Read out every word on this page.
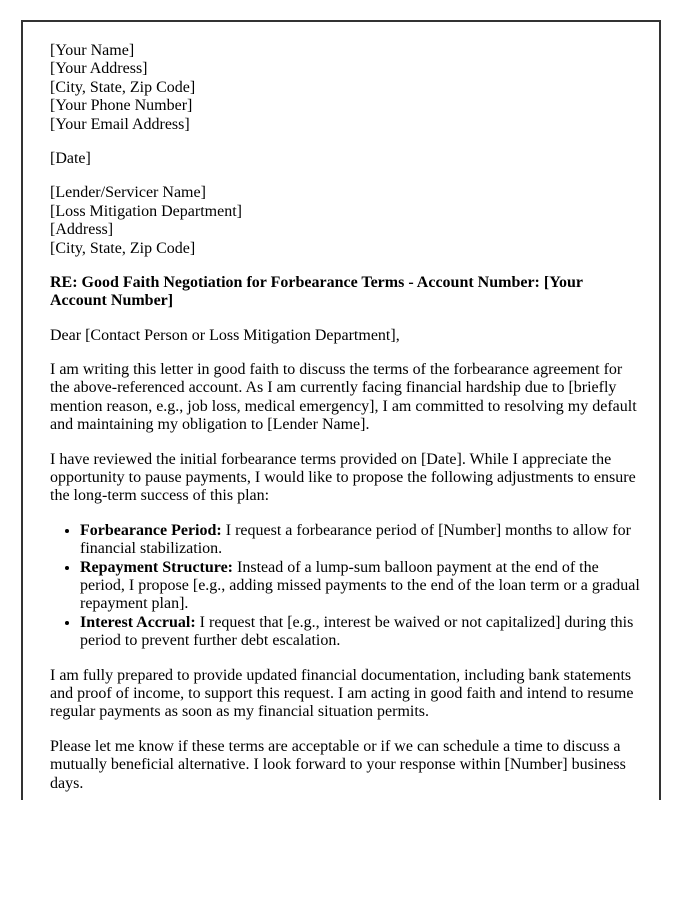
[Your Name]
[Your Address]
[City, State, Zip Code]
[Your Phone Number]
[Your Email Address]

[Date]

[Lender/Servicer Name]
[Loss Mitigation Department]
[Address]
[City, State, Zip Code]

RE: Good Faith Negotiation for Forbearance Terms - Account Number: [Your Account Number]

Dear [Contact Person or Loss Mitigation Department],

I am writing this letter in good faith to discuss the terms of the forbearance agreement for the above-referenced account. As I am currently facing financial hardship due to [briefly mention reason, e.g., job loss, medical emergency], I am committed to resolving my default and maintaining my obligation to [Lender Name].

I have reviewed the initial forbearance terms provided on [Date]. While I appreciate the opportunity to pause payments, I would like to propose the following adjustments to ensure the long-term success of this plan:

• Forbearance Period: I request a forbearance period of [Number] months to allow for financial stabilization.
• Repayment Structure: Instead of a lump-sum balloon payment at the end of the period, I propose [e.g., adding missed payments to the end of the loan term or a gradual repayment plan].
• Interest Accrual: I request that [e.g., interest be waived or not capitalized] during this period to prevent further debt escalation.

I am fully prepared to provide updated financial documentation, including bank statements and proof of income, to support this request. I am acting in good faith and intend to resume regular payments as soon as my financial situation permits.

Please let me know if these terms are acceptable or if we can schedule a time to discuss a mutually beneficial alternative. I look forward to your response within [Number] business days.
